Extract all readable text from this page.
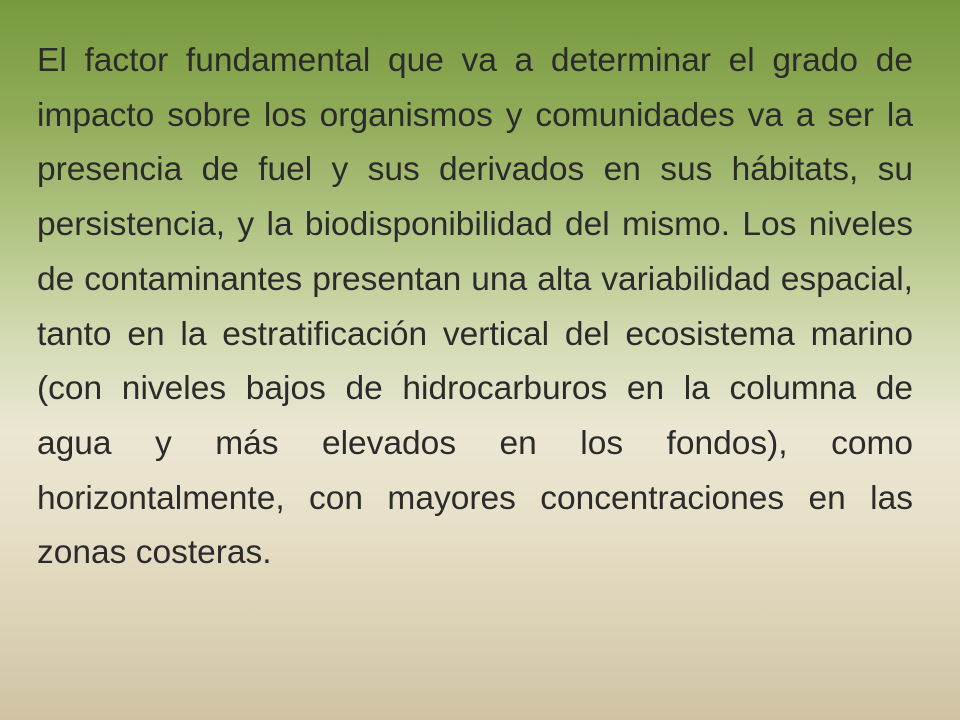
El factor fundamental que va a determinar el grado de impacto sobre los organismos y comunidades va a ser la presencia de fuel y sus derivados en sus hábitats, su persistencia, y la biodisponibilidad del mismo. Los niveles de contaminantes presentan una alta variabilidad espacial, tanto en la estratificación vertical del ecosistema marino (con niveles bajos de hidrocarburos en la columna de agua y más elevados en los fondos), como horizontalmente, con mayores concentraciones en las zonas costeras.
